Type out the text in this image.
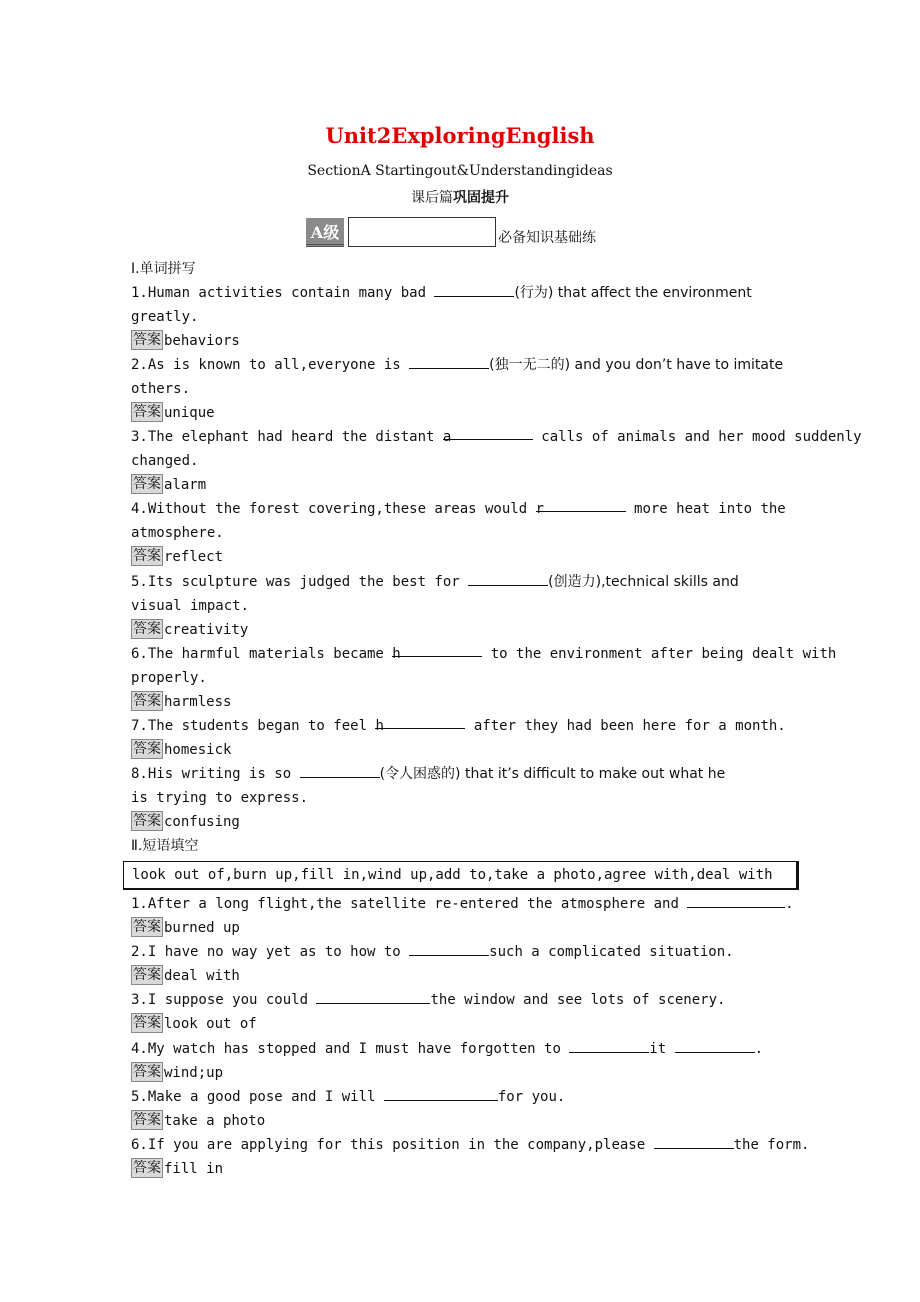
Unit2ExploringEnglish
SectionA Startingout&Understandingideas
课后篇巩固提升
A级	必备知识基础练
Ⅰ.单词拼写
1.Human activities contain many bad	(行为) that affect the environment
greatly.
答案 behaviors
2.As is known to all,everyone is	(独一无二的) and you don’t have to imitate
others.
答案 unique
3.The elephant had heard the distant a	calls of animals and her mood suddenly
changed.
答案 alarm
4.Without the forest covering,these areas would r	more heat into the
atmosphere.
答案 reflect
5.Its sculpture was judged the best for	(创造力),technical skills and
visual impact.
答案 creativity
6.The harmful materials became h	to the environment after being dealt with
properly.
答案 harmless
7.The students began to feel h	after they had been here for a month.
答案 homesick
8.His writing is so	(令人困惑的) that it’s difficult to make out what he
is trying to express.
答案 confusing
Ⅱ.短语填空
look out of,burn up,fill in,wind up,add to,take a photo,agree with,deal with
1.After a long flight,the satellite re-entered the atmosphere and	.
答案 burned up
2.I have no way yet as to how to	such a complicated situation.
答案 deal with
3.I suppose you could	the window and see lots of scenery.
答案 look out of
4.My watch has stopped and I must have forgotten to	it	.
答案 wind;up
5.Make a good pose and I will	for you.
答案 take a photo
6.If you are applying for this position in the company,please	the form.
答案 fill in
